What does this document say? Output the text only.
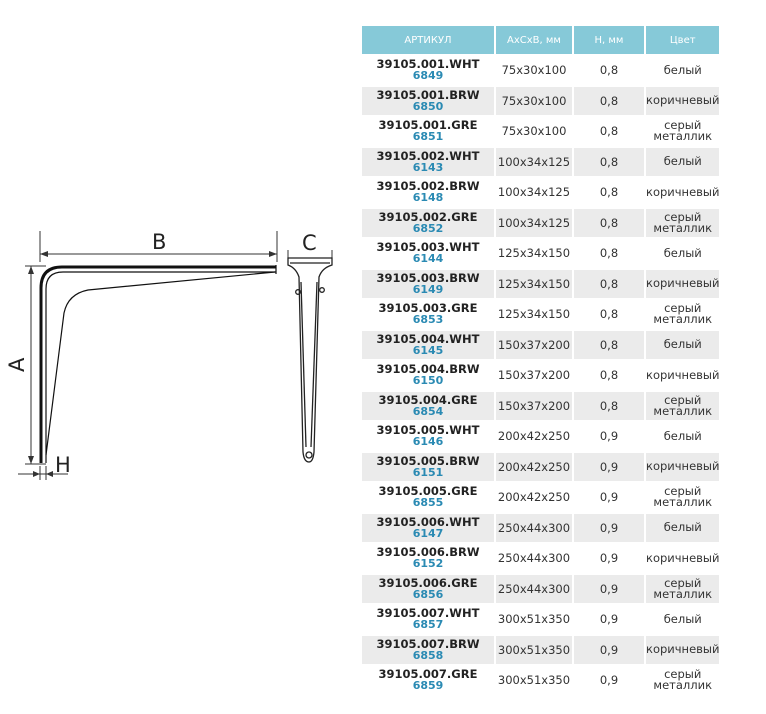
B
A
H
C
АРТИКУЛ	АхСхВ, мм	Н, мм	Цвет

39105.001.WHT
6849	75х30х100	0,8	белый

39105.001.BRW
6850	75х30х100	0,8	коричневый

39105.001.GRE
6851	75х30х100	0,8	серый металлик

39105.002.WHT
6143	100х34х125	0,8	белый

39105.002.BRW
6148	100х34х125	0,8	коричневый

39105.002.GRE
6852	100х34х125	0,8	серый металлик

39105.003.WHT
6144	125х34х150	0,8	белый

39105.003.BRW
6149	125х34х150	0,8	коричневый

39105.003.GRE
6853	125х34х150	0,8	серый металлик

39105.004.WHT
6145	150х37х200	0,8	белый

39105.004.BRW
6150	150х37х200	0,8	коричневый

39105.004.GRE
6854	150х37х200	0,8	серый металлик

39105.005.WHT
6146	200х42х250	0,9	белый

39105.005.BRW
6151	200х42х250	0,9	коричневый

39105.005.GRE
6855	200х42х250	0,9	серый металлик

39105.006.WHT
6147	250х44х300	0,9	белый

39105.006.BRW
6152	250х44х300	0,9	коричневый

39105.006.GRE
6856	250х44х300	0,9	серый металлик

39105.007.WHT
6857	300х51х350	0,9	белый

39105.007.BRW
6858	300х51х350	0,9	коричневый

39105.007.GRE
6859	300х51х350	0,9	серый металлик
